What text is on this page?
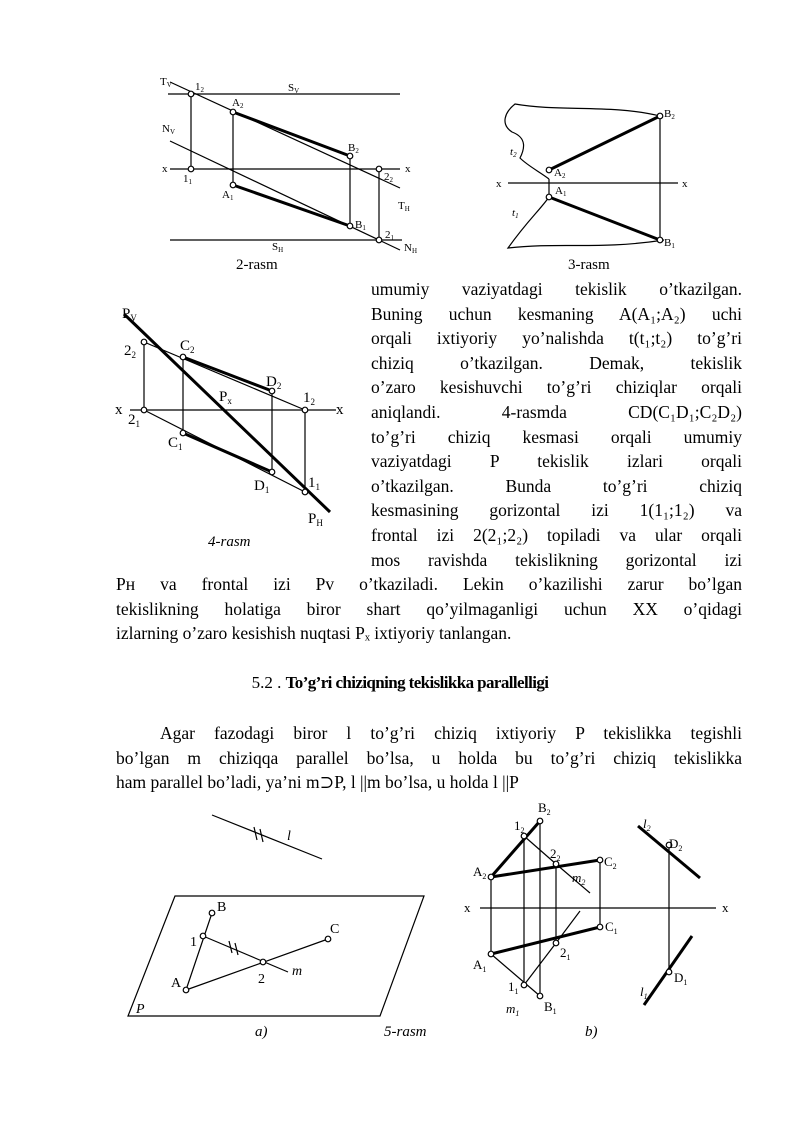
TV 12	SV
NV
A2
B2
x	x
22
11
A1
TH
B1
21
SH	NH
2-rasm
B2
t2
A2
x	x
A1
t1
B1
3-rasm
$P_V$
$C_2$
$2_2$
$D_2$
$P_x$	$1_2$
x	x
$2_1$
$C_1$
$D_1$	$1_1$
$P_H$
4-rasm
umumiy vaziyatdagi tekislik o’tkazilgan.
Buning uchun kesmaning A(A₁;A₂) uchi
orqali ixtiyoriy yo’nalishda t(t₁;t₂) to’g’ri
chiziq o’tkazilgan. Demak, tekislik
o’zaro kesishuvchi to’g’ri chiziqlar orqali
aniqlandi. 4-rasmda CD(C₁D₁;C₂D₂)
to’g’ri chiziq kesmasi orqali umumiy
vaziyatdagi P tekislik izlari orqali
o’tkazilgan. Bunda to’g’ri chiziq
kesmasining gorizontal izi 1(1₁;1₂) va
frontal izi 2(2₁;2₂) topiladi va ular orqali
mos ravishda tekislikning gorizontal izi
Pʜ va frontal izi Pᴠ o’tkaziladi. Lekin o’kazilishi zarur bo’lgan
tekislikning holatiga biror shart qo’yilmaganligi uchun XX o’qidagi
izlarning o’zaro kesishish nuqtasi Pₓ ixtiyoriy tanlangan.
5.2 . To’g’ri chiziqning tekislikka parallelligi
Agar fazodagi biror l to’g’ri chiziq ixtiyoriy P tekislikka tegishli
bo’lgan m chiziqqa parallel bo’lsa, u holda bu to’g’ri chiziq tekislikka
ham parallel bo’ladi, ya’ni m⊃P, l ||m bo’lsa, u holda l ||P
l
B
C
1
A	2
m
P
$B_2$
$1_2$	$l_2$
$D_2$
$2_2$	$C_2$
$A_2$	$m_2$
x	x
$C_1$
$A_1$
$2_1$
$1_1$
$B_1$
$m_1$
$l_1$
$D_1$
a)	5-rasm	b)
